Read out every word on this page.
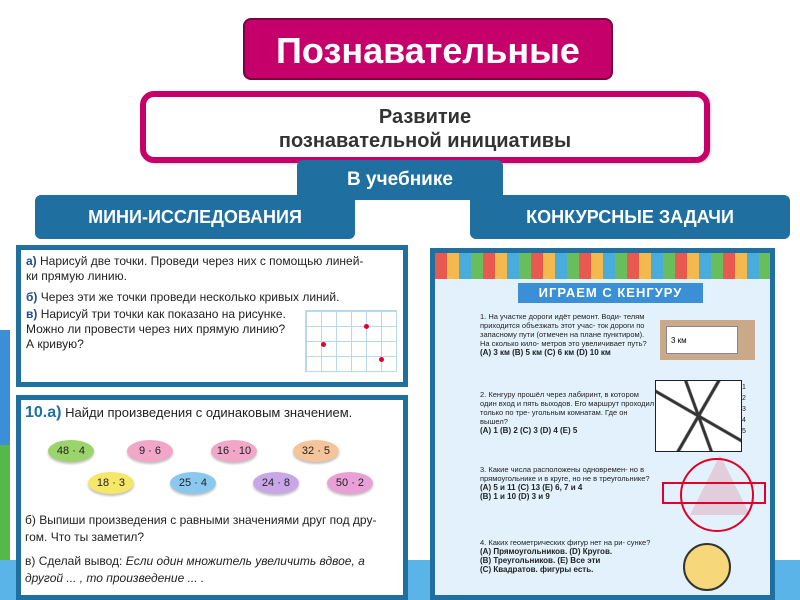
Познавательные
Развитие
познавательной инициативы
В учебнике
МИНИ-ИССЛЕДОВАНИЯ	КОНКУРСНЫЕ ЗАДАЧИ
а) Нарисуй две точки. Проведи через них с помощью линей-
ки прямую линию.
б) Через эти же точки проведи несколько кривых линий.
в) Нарисуй три точки как показано на рисунке.
Можно ли провести через них прямую линию?
А кривую?
10.а) Найди произведения с одинаковым значением.
48 · 4	9 · 6	16 · 10	32 · 5
18 · 3	25 · 4	24 · 8	50 · 2
б) Выпиши произведения с равными значениями друг под дру-
гом. Что ты заметил?
в) Сделай вывод: Если один множитель увеличить вдвое, а
другой ... , то произведение ... .
ИГРАЕМ С КЕНГУРУ
1. На участке дороги идёт ремонт. Води- телям приходится объезжать этот учас- ток дороги по запасному пути (отмечен на плане пунктиром). На сколько кило- метров это увеличивает путь?
(A) 3 км (B) 5 км (C) 6 км (D) 10 км
3 км
2. Кенгуру прошёл через лабиринт, в котором один вход и пять выходов. Его маршрут проходил только по тре- угольным комнатам. Где он вышел?
(A) 1 (B) 2 (C) 3 (D) 4 (E) 5
1
2
3
4
5
3. Какие числа расположены одновремен- но в прямоугольнике и в круге, но не в треугольнике?
(A) 5 и 11 (C) 13 (E) 6, 7 и 4
(B) 1 и 10 (D) 3 и 9
4. Каких геометрических фигур нет на ри- сунке?
(A) Прямоугольников. (D) Кругов.
(B) Треугольников. (E) Все эти
(C) Квадратов. фигуры есть.
